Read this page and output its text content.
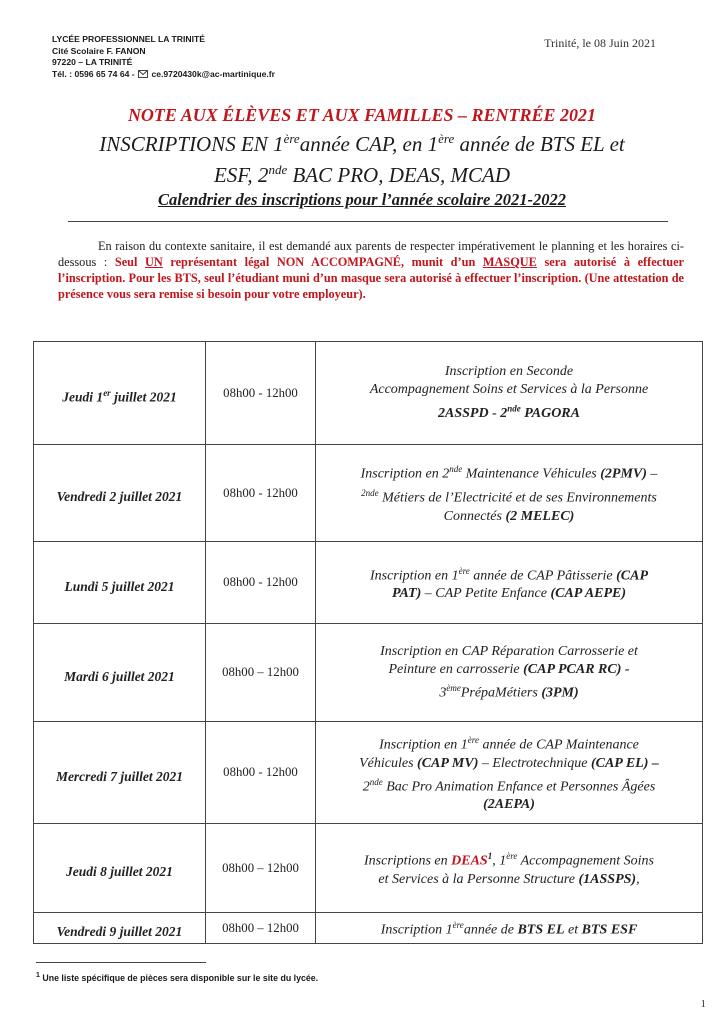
LYCÉE PROFESSIONNEL LA TRINITÉ
Cité Scolaire F. FANON
97220 – LA TRINITÉ
Tél. : 0596 65 74 64 - ce.9720430k@ac-martinique.fr
Trinité, le 08 Juin 2021
NOTE AUX ÉLÈVES ET AUX FAMILLES – RENTRÉE 2021
INSCRIPTIONS EN 1èreannée CAP, en 1ère année de BTS EL et
ESF, 2nde BAC PRO, DEAS, MCAD
Calendrier des inscriptions pour l’année scolaire 2021-2022
En raison du contexte sanitaire, il est demandé aux parents de respecter impérativement le planning et les horaires ci-dessous : Seul UN représentant légal NON ACCOMPAGNÉ, munit d’un MASQUE sera autorisé à effectuer l’inscription. Pour les BTS, seul l’étudiant muni d’un masque sera autorisé à effectuer l’inscription. (Une attestation de présence vous sera remise si besoin pour votre employeur).
Jeudi 1er juillet 2021	08h00 - 12h00	Inscription en Seconde
Accompagnement Soins et Services à la Personne
2ASSPD - 2nde PAGORA

Vendredi 2 juillet 2021	08h00 - 12h00	Inscription en 2nde Maintenance Véhicules (2PMV) –
$^{2nde}$ Métiers de l’Electricité et de ses Environnements
Connectés (2 MELEC)

Lundi 5 juillet 2021	08h00 - 12h00	Inscription en 1ère année de CAP Pâtisserie (CAP
PAT) – CAP Petite Enfance (CAP AEPE)

Mardi 6 juillet 2021	08h00 – 12h00	Inscription en CAP Réparation Carrosserie et
Peinture en carrosserie (CAP PCAR RC) -
3èmePrépaMétiers (3PM)

Mercredi 7 juillet 2021	08h00 - 12h00	Inscription en 1ère année de CAP Maintenance
Véhicules (CAP MV) – Electrotechnique (CAP EL) –
2nde Bac Pro Animation Enfance et Personnes Âgées
(2AEPA)

Jeudi 8 juillet 2021	08h00 – 12h00	Inscriptions en DEAS$^1$, 1ère Accompagnement Soins
et Services à la Personne Structure (1ASSPS),

Vendredi 9 juillet 2021	08h00 – 12h00	Inscription 1èreannée de BTS EL et BTS ESF
$^1$ Une liste spécifique de pièces sera disponible sur le site du lycée.
1
